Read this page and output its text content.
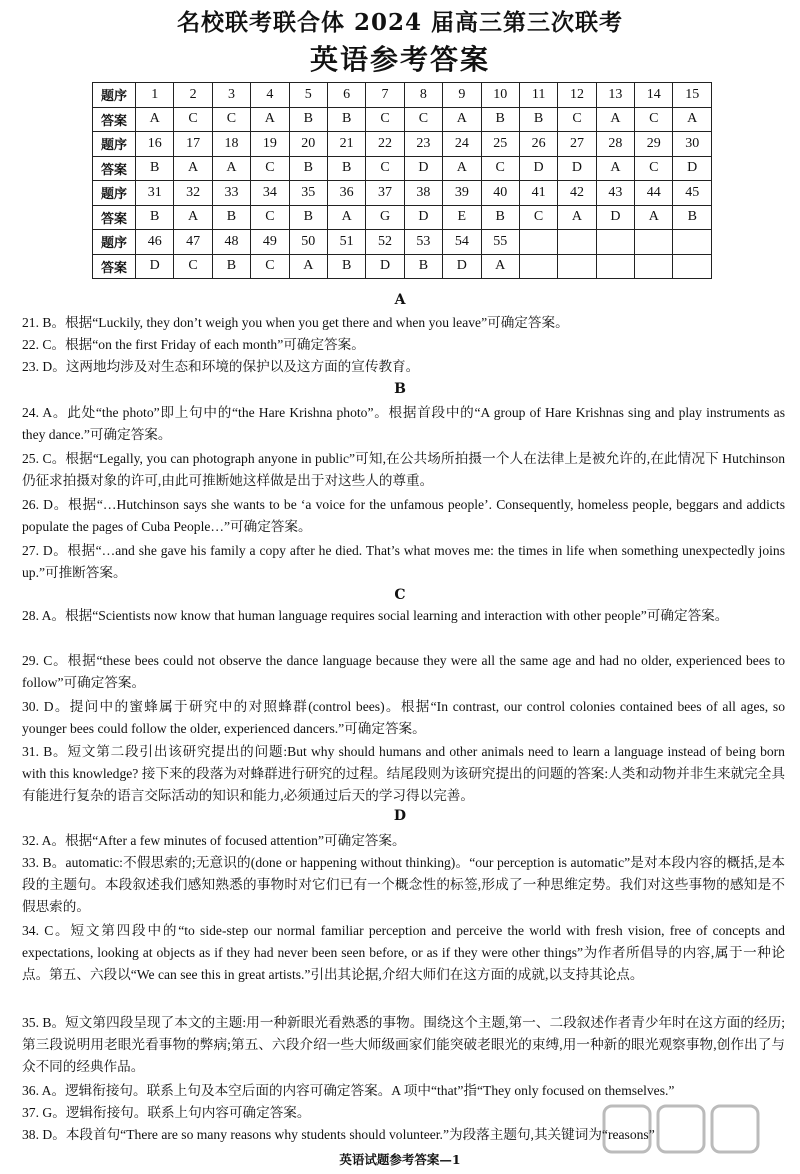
名校联考联合体 2024 届高三第三次联考
英语参考答案
题序	1	2	3	4	5	6	7	8	9	10	11	12	13	14	15
答案	A	C	C	A	B	B	C	C	A	B	B	C	A	C	A
题序	16	17	18	19	20	21	22	23	24	25	26	27	28	29	30
答案	B	A	A	C	B	B	C	D	A	C	D	D	A	C	D
题序	31	32	33	34	35	36	37	38	39	40	41	42	43	44	45
答案	B	A	B	C	B	A	G	D	E	B	C	A	D	A	B
题序	46	47	48	49	50	51	52	53	54	55					
答案	D	C	B	C	A	B	D	B	D	A					
A
21. B。根据“Luckily, they don’t weigh you when you get there and when you leave”可确定答案。
22. C。根据“on the first Friday of each month”可确定答案。
23. D。这两地均涉及对生态和环境的保护以及这方面的宣传教育。
B
24. A。此处“the photo”即上句中的“the Hare Krishna photo”。根据首段中的“A group of Hare Krishnas sing and play instruments as they dance.”可确定答案。
25. C。根据“Legally, you can photograph anyone in public”可知,在公共场所拍摄一个人在法律上是被允许的,在此情况下 Hutchinson 仍征求拍摄对象的许可,由此可推断她这样做是出于对这些人的尊重。
26. D。根据“…Hutchinson says she wants to be ‘a voice for the unfamous people’. Consequently, homeless people, beggars and addicts populate the pages of Cuba People…”可确定答案。
27. D。根据“…and she gave his family a copy after he died. That’s what moves me: the times in life when something unexpectedly joins up.”可推断答案。
C
28. A。根据“Scientists now know that human language requires social learning and interaction with other people”可确定答案。
29. C。根据“these bees could not observe the dance language because they were all the same age and had no older, experienced bees to follow”可确定答案。
30. D。提问中的蜜蜂属于研究中的对照蜂群(control bees)。根据“In contrast, our control colonies contained bees of all ages, so younger bees could follow the older, experienced dancers.”可确定答案。
31. B。短文第二段引出该研究提出的问题:But why should humans and other animals need to learn a language instead of being born with this knowledge? 接下来的段落为对蜂群进行研究的过程。结尾段则为该研究提出的问题的答案:人类和动物并非生来就完全具有能进行复杂的语言交际活动的知识和能力,必须通过后天的学习得以完善。
D
32. A。根据“After a few minutes of focused attention”可确定答案。
33. B。automatic:不假思索的;无意识的(done or happening without thinking)。“our perception is automatic”是对本段内容的概括,是本段的主题句。本段叙述我们感知熟悉的事物时对它们已有一个概念性的标签,形成了一种思维定势。我们对这些事物的感知是不假思索的。
34. C。短文第四段中的“to side-step our normal familiar perception and perceive the world with fresh vision, free of concepts and expectations, looking at objects as if they had never been seen before, or as if they were other things”为作者所倡导的内容,属于一种论点。第五、六段以“We can see this in great artists.”引出其论据,介绍大师们在这方面的成就,以支持其论点。
35. B。短文第四段呈现了本文的主题:用一种新眼光看熟悉的事物。围绕这个主题,第一、二段叙述作者青少年时在这方面的经历;第三段说明用老眼光看事物的弊病;第五、六段介绍一些大师级画家们能突破老眼光的束缚,用一种新的眼光观察事物,创作出了与众不同的经典作品。
36. A。逻辑衔接句。联系上句及本空后面的内容可确定答案。A 项中“that”指“They only focused on themselves.”
37. G。逻辑衔接句。联系上句内容可确定答案。
38. D。本段首句“There are so many reasons why students should volunteer.”为段落主题句,其关键词为“reasons”
英语试题参考答案—1
